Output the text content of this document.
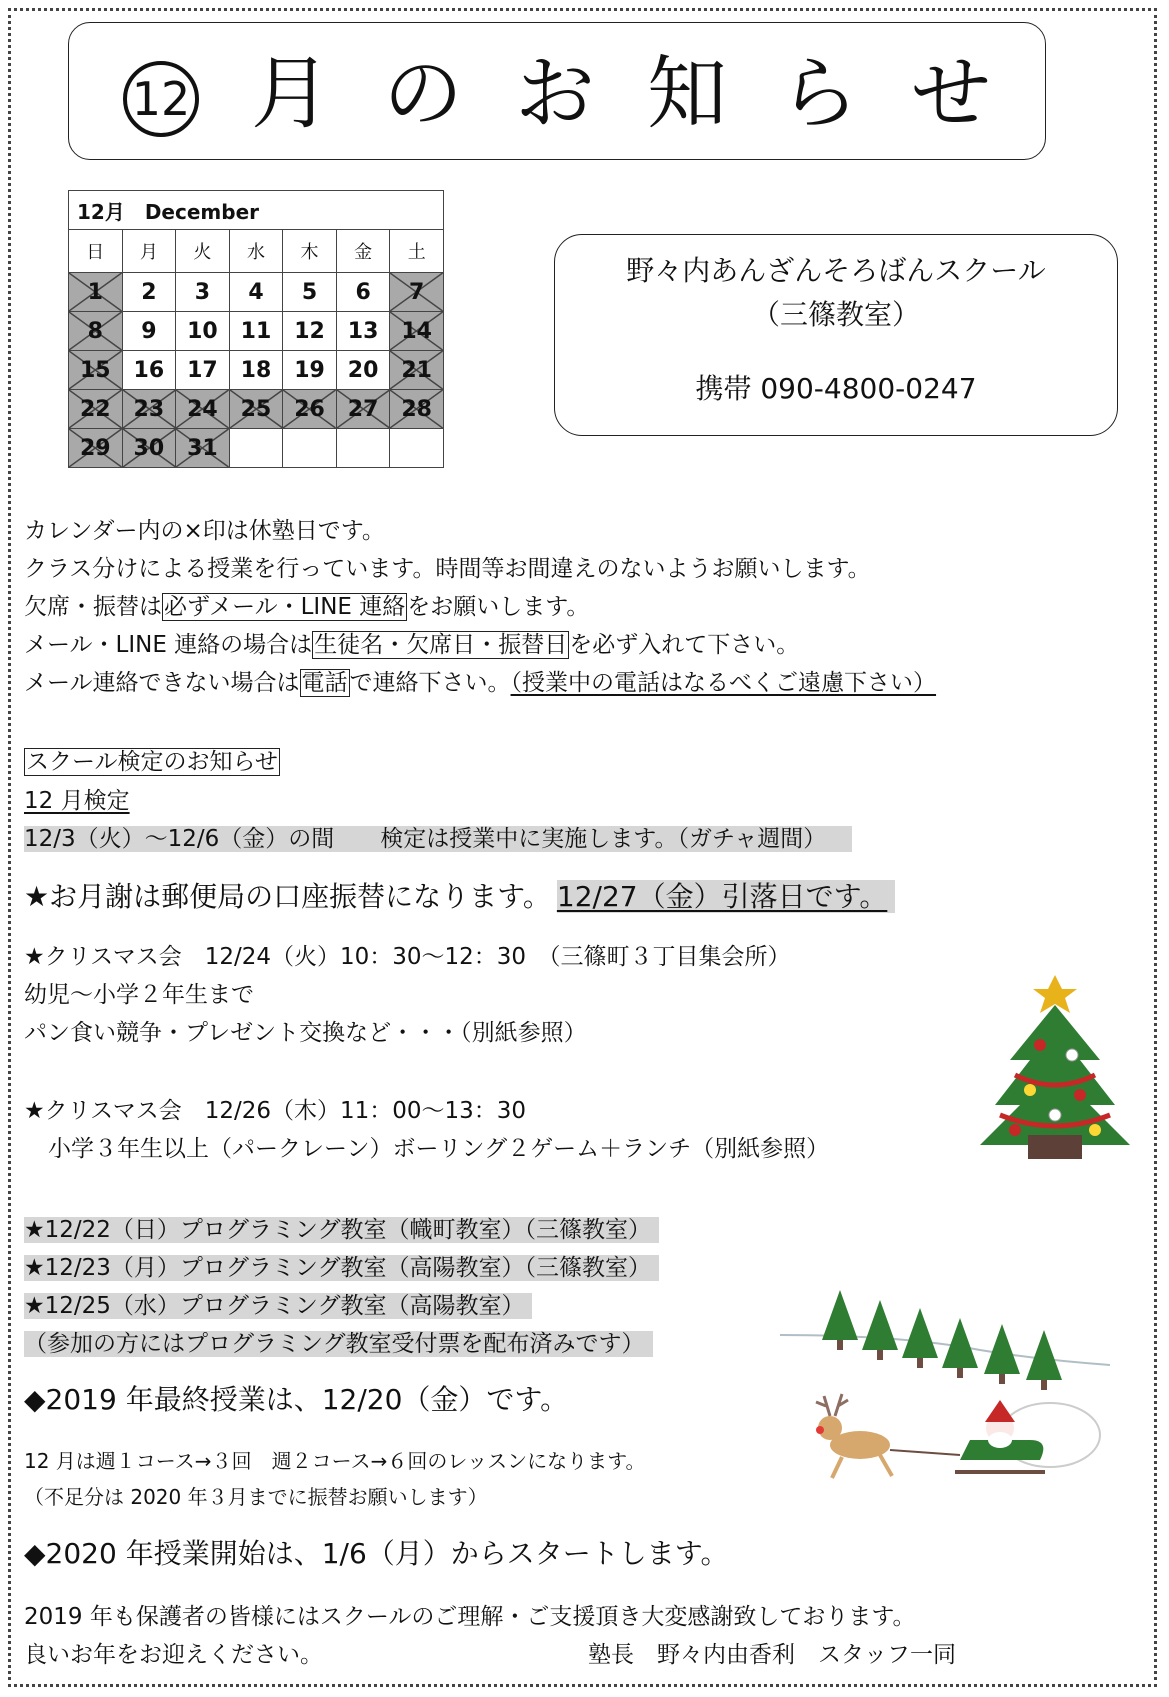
12 月 の お 知 ら せ
12月　December						
日	月	火	水	木	金	土

1	2	3	4	5	6	7

8	9	10	11	12	13	14

15	16	17	18	19	20	21

22	23	24	25	26	27	28

29	30	31				
野々内あんざんそろばんスクール
（三篠教室）
携帯 090-4800-0247
カレンダー内の×印は休塾日です。
クラス分けによる授業を行っています。時間等お間違えのないようお願いします。
欠席・振替は必ずメール・LINE 連絡をお願いします。
メール・LINE 連絡の場合は生徒名・欠席日・振替日を必ず入れて下さい。
メール連絡できない場合は電話で連絡下さい。（授業中の電話はなるべくご遠慮下さい）
スクール検定のお知らせ
12 月検定
12/3（火）～12/6（金）の間　　検定は授業中に実施します。（ガチャ週間）
★お月謝は郵便局の口座振替になります。 12/27（金）引落日です。
★クリスマス会　12/24（火）10：30～12：30　（三篠町３丁目集会所）
幼児～小学２年生まで
パン食い競争・プレゼント交換など・・・（別紙参照）
★クリスマス会　12/26（木）11：00～13：30
小学３年生以上（パークレーン）ボーリング２ゲーム＋ランチ（別紙参照）
★12/22（日）プログラミング教室（幟町教室）（三篠教室）
★12/23（月）プログラミング教室（高陽教室）（三篠教室）
★12/25（水）プログラミング教室（高陽教室）
（参加の方にはプログラミング教室受付票を配布済みです）
◆2019 年最終授業は、12/20（金）です。
12 月は週１コース→３回　週２コース→６回のレッスンになります。
（不足分は 2020 年３月までに振替お願いします）
◆2020 年授業開始は、1/6（月）からスタートします。
2019 年も保護者の皆様にはスクールのご理解・ご支援頂き大変感謝致しております。
良いお年をお迎えください。	塾長　野々内由香利　スタッフ一同
